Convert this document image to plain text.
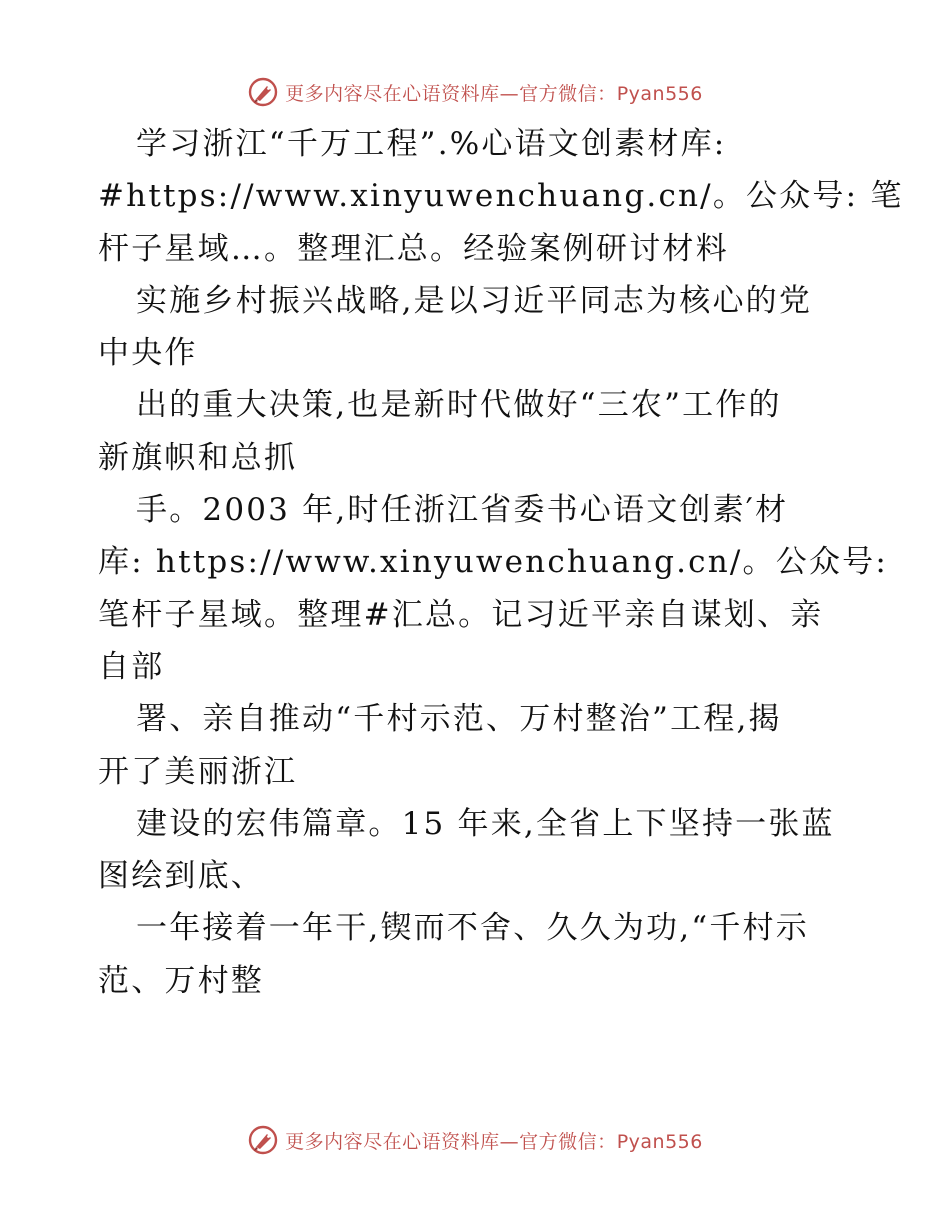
更多内容尽在心语资料库—官方微信：Pyan556

学习浙江“千万工程”.%心语文创素材库:

#https://www.xinyuwenchuang.cn/。公众号: 笔

杆子星域…。整理汇总。经验案例研讨材料

实施乡村振兴战略,是以习近平同志为核心的党

中央作

出的重大决策,也是新时代做好“三农”工作的

新旗帜和总抓

手。2003 年,时任浙江省委书心语文创素′材

库: https://www.xinyuwenchuang.cn/。公众号:

笔杆子星域。整理#汇总。记习近平亲自谋划、亲

自部

署、亲自推动“千村示范、万村整治”工程,揭

开了美丽浙江

建设的宏伟篇章。15 年来,全省上下坚持一张蓝

图绘到底、

一年接着一年干,锲而不舍、久久为功,“千村示

范、万村整

更多内容尽在心语资料库—官方微信：Pyan556
